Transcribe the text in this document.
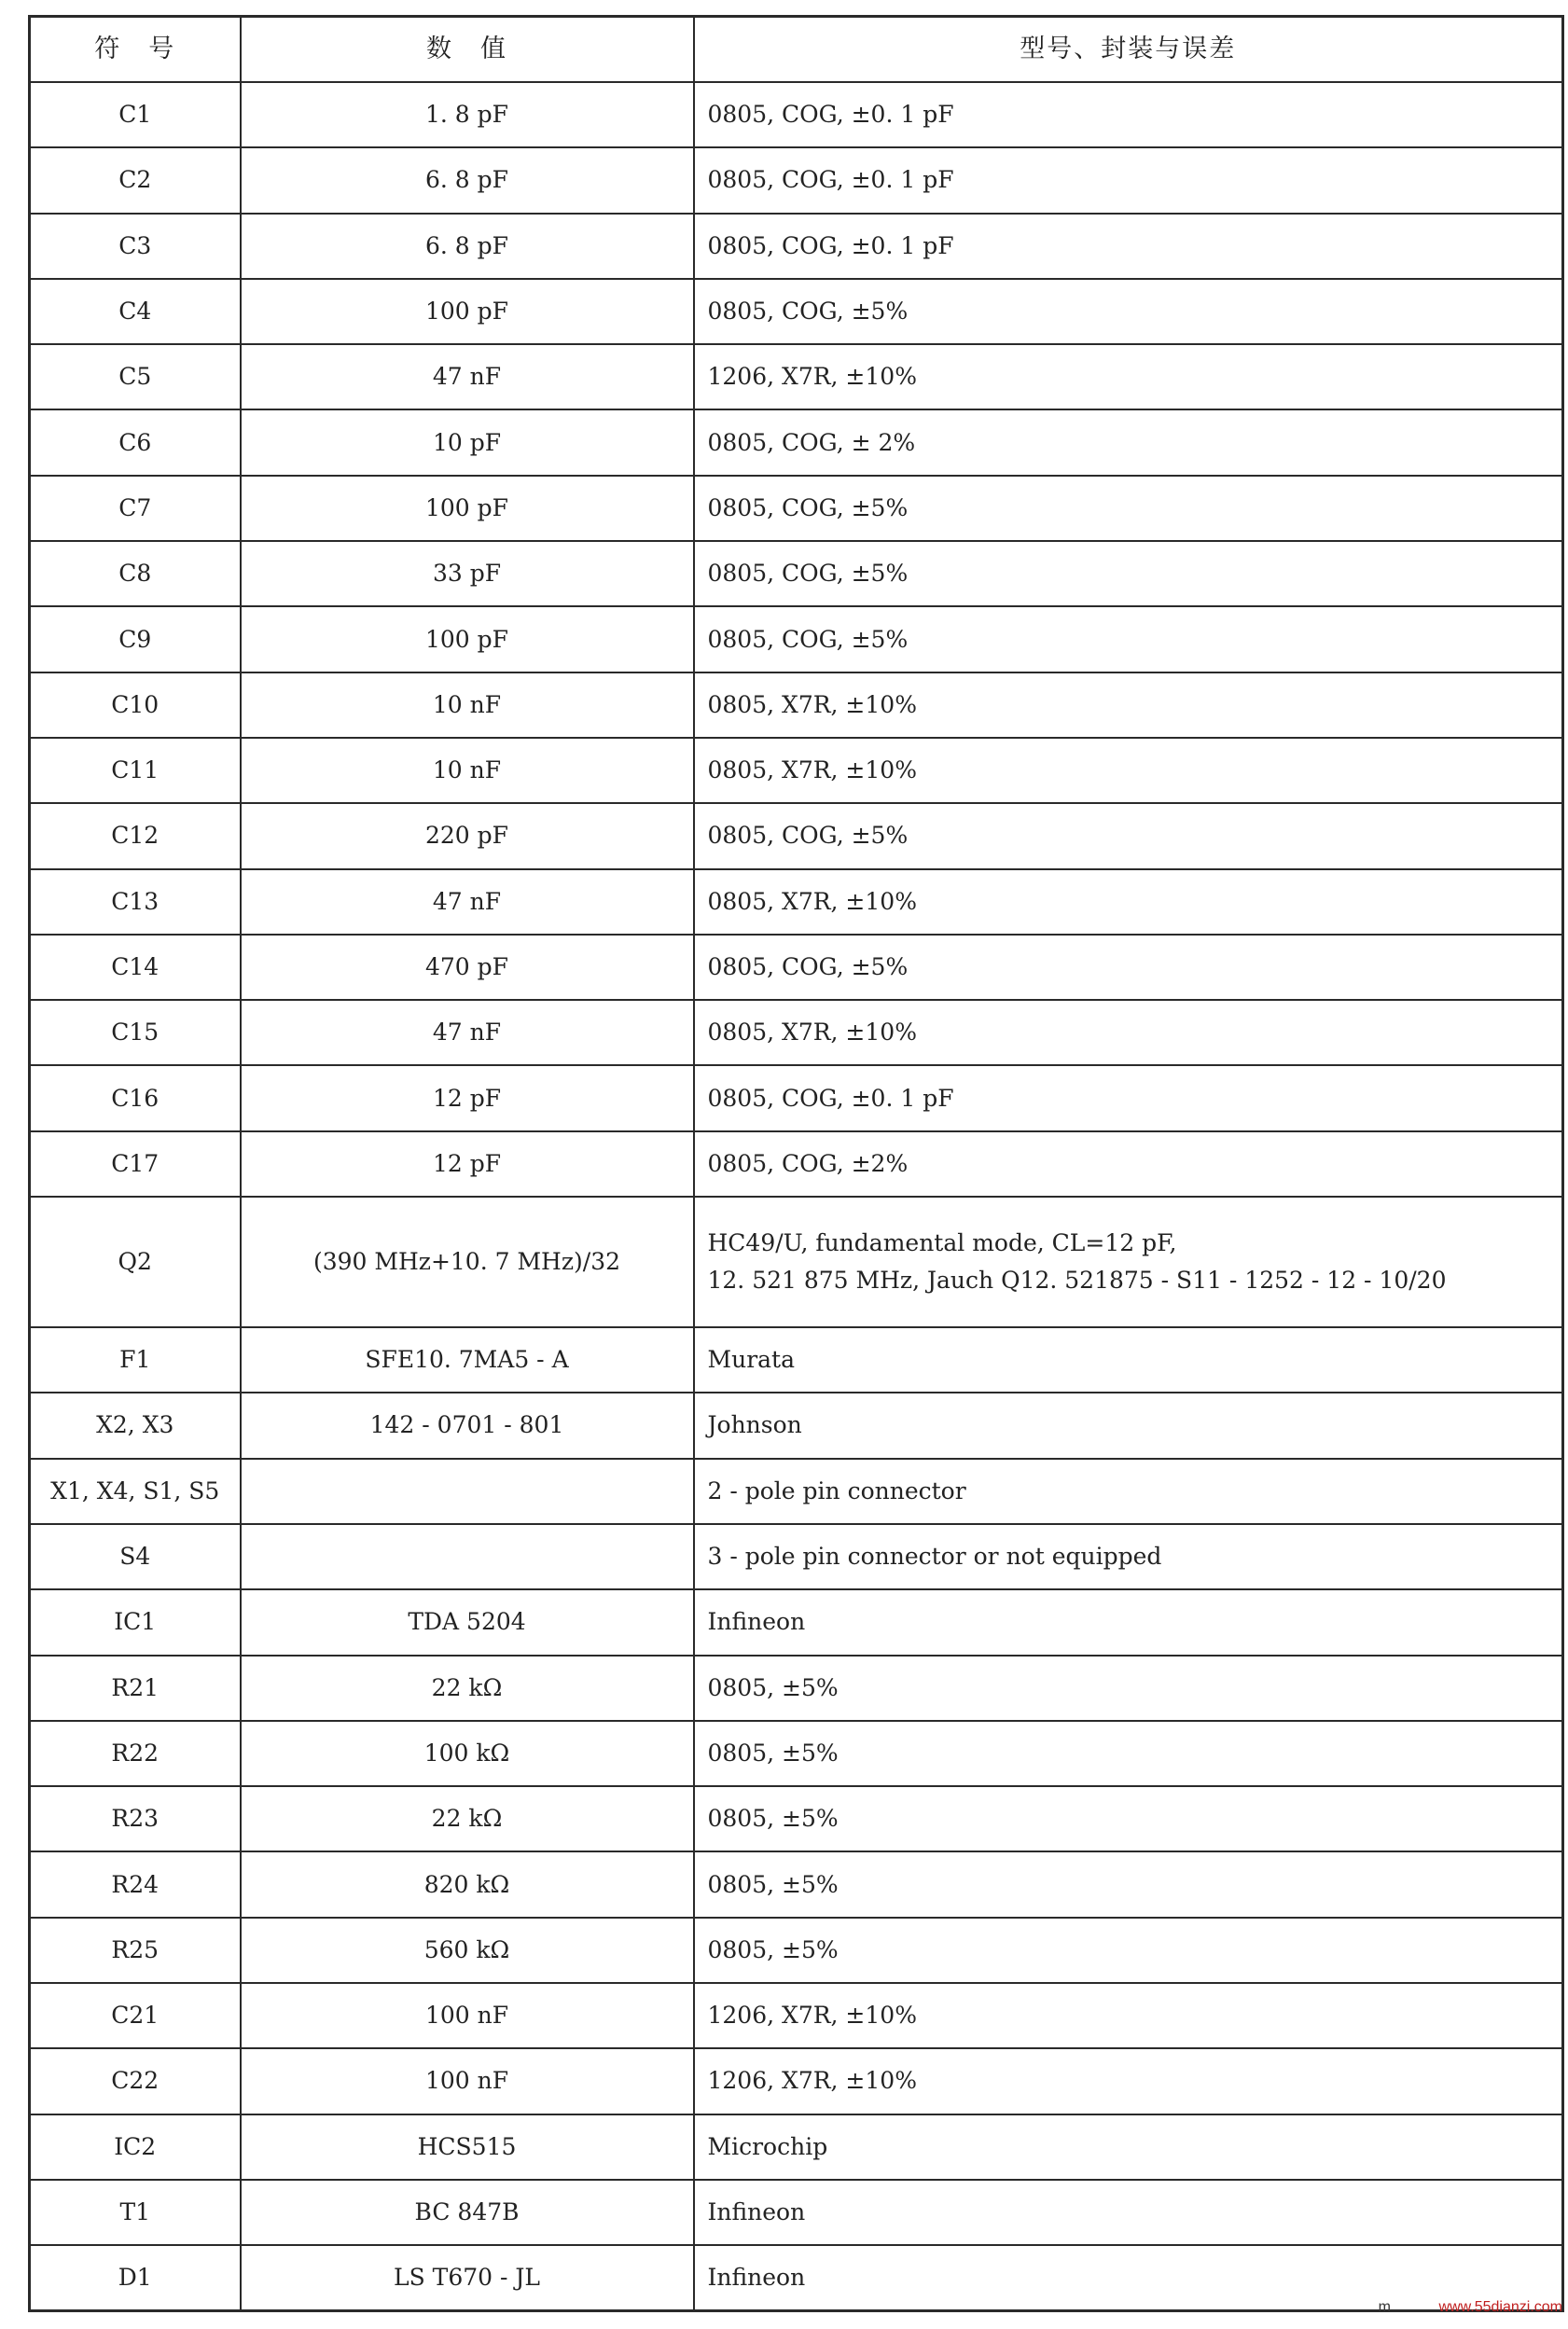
符　号	数　值	型号、封装与误差
C1	1. 8 pF	0805, COG, ±0. 1 pF

C2	6. 8 pF	0805, COG, ±0. 1 pF

C3	6. 8 pF	0805, COG, ±0. 1 pF

C4	100 pF	0805, COG, ±5%

C5	47 nF	1206, X7R, ±10%

C6	10 pF	0805, COG, ± 2%

C7	100 pF	0805, COG, ±5%

C8	33 pF	0805, COG, ±5%

C9	100 pF	0805, COG, ±5%

C10	10 nF	0805, X7R, ±10%

C11	10 nF	0805, X7R, ±10%

C12	220 pF	0805, COG, ±5%

C13	47 nF	0805, X7R, ±10%

C14	470 pF	0805, COG, ±5%

C15	47 nF	0805, X7R, ±10%

C16	12 pF	0805, COG, ±0. 1 pF

C17	12 pF	0805, COG, ±2%

Q2	(390 MHz+10. 7 MHz)/32	HC49/U, fundamental mode, CL=12 pF,
12. 521 875 MHz, Jauch Q12. 521875 - S11 - 1252 - 12 - 10/20

F1	SFE10. 7MA5 - A	Murata

X2, X3	142 - 0701 - 801	Johnson

X1, X4, S1, S5		2 - pole pin connector

S4		3 - pole pin connector or not equipped

IC1	TDA 5204	Infineon

R21	22 kΩ	0805, ±5%

R22	100 kΩ	0805, ±5%

R23	22 kΩ	0805, ±5%

R24	820 kΩ	0805, ±5%

R25	560 kΩ	0805, ±5%

C21	100 nF	1206, X7R, ±10%

C22	100 nF	1206, X7R, ±10%

IC2	HCS515	Microchip

T1	BC 847B	Infineon

D1	LS T670 - JL	Infineon
m	www.55dianzi.com
